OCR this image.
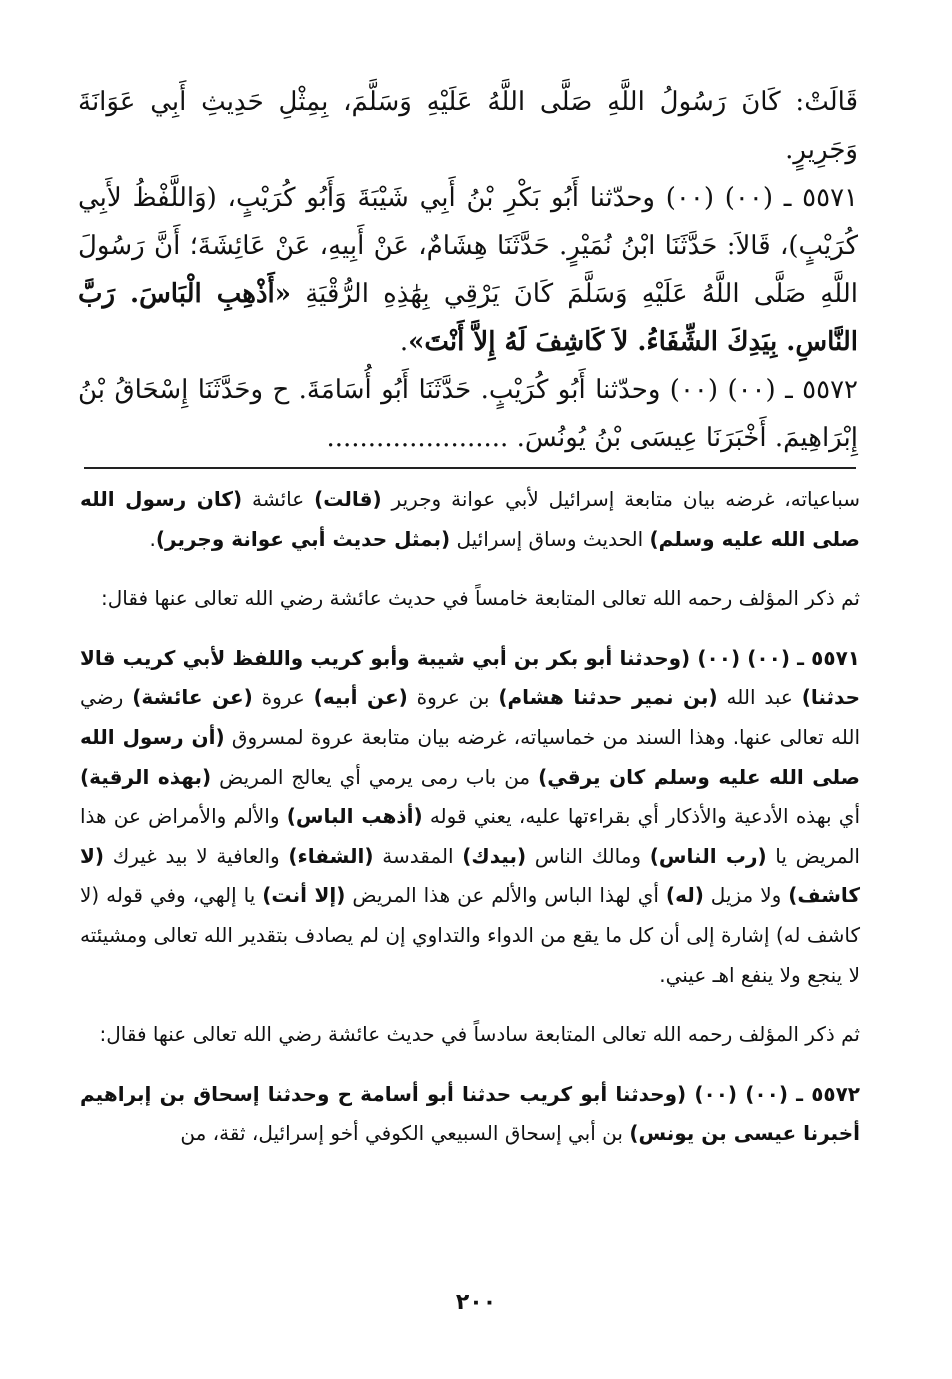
قَالَتْ: كَانَ رَسُولُ اللَّهِ صَلَّى اللَّهُ عَلَيْهِ وَسَلَّمَ، بِمِثْلِ حَدِيثِ أَبِي عَوَانَةَ وَجَرِيرٍ.

٥٥٧١ ـ (٠٠) (٠٠) وحدّثنا أَبُو بَكْرِ بْنُ أَبِي شَيْبَةَ وَأَبُو كُرَيْبٍ، (وَاللَّفْظُ لأَبِي كُرَيْبٍ)، قَالاَ: حَدَّثَنَا ابْنُ نُمَيْرٍ. حَدَّثَنَا هِشَامٌ، عَنْ أَبِيهِ، عَنْ عَائِشَةَ؛ أَنَّ رَسُولَ اللَّهِ صَلَّى اللَّهُ عَلَيْهِ وَسَلَّمَ كَانَ يَرْقِي بِهَٰذِهِ الرُّقْيَةِ «أَذْهِبِ الْبَاسَ. رَبَّ النَّاسِ. بِيَدِكَ الشِّفَاءُ. لاَ كَاشِفَ لَهُ إِلاَّ أَنْتَ».

٥٥٧٢ ـ (٠٠) (٠٠) وحدّثنا أَبُو كُرَيْبٍ. حَدَّثَنَا أَبُو أُسَامَةَ. ح وحَدَّثَنَا إِسْحَاقُ بْنُ إِبْرَاهِيمَ. أَخْبَرَنَا عِيسَى بْنُ يُونُسَ. ......................

سباعياته، غرضه بيان متابعة إسرائيل لأبي عوانة وجرير (قالت) عائشة (كان رسول الله صلى الله عليه وسلم) الحديث وساق إسرائيل (بمثل حديث أبي عوانة وجرير).

ثم ذكر المؤلف رحمه الله تعالى المتابعة خامساً في حديث عائشة رضي الله تعالى عنها فقال:

٥٥٧١ ـ (٠٠) (٠٠) (وحدثنا أبو بكر بن أبي شيبة وأبو كريب واللفظ لأبي كريب قالا حدثنا) عبد الله (بن نمير حدثنا هشام) بن عروة (عن أبيه) عروة (عن عائشة) رضي الله تعالى عنها. وهذا السند من خماسياته، غرضه بيان متابعة عروة لمسروق (أن رسول الله صلى الله عليه وسلم كان يرقي) من باب رمى يرمي أي يعالج المريض (بهذه الرقية) أي بهذه الأدعية والأذكار أي بقراءتها عليه، يعني قوله (أذهب الباس) والألم والأمراض عن هذا المريض يا (رب الناس) ومالك الناس (بيدك) المقدسة (الشفاء) والعافية لا بيد غيرك (لا كاشف) ولا مزيل (له) أي لهذا الباس والألم عن هذا المريض (إلا أنت) يا إلهي، وفي قوله (لا كاشف له) إشارة إلى أن كل ما يقع من الدواء والتداوي إن لم يصادف بتقدير الله تعالى ومشيئته لا ينجع ولا ينفع اهـ عيني.

ثم ذكر المؤلف رحمه الله تعالى المتابعة سادساً في حديث عائشة رضي الله تعالى عنها فقال:

٥٥٧٢ ـ (٠٠) (٠٠) (وحدثنا أبو كريب حدثنا أبو أسامة ح وحدثنا إسحاق بن إبراهيم أخبرنا عيسى بن يونس) بن أبي إسحاق السبيعي الكوفي أخو إسرائيل، ثقة، من

٢٠٠
